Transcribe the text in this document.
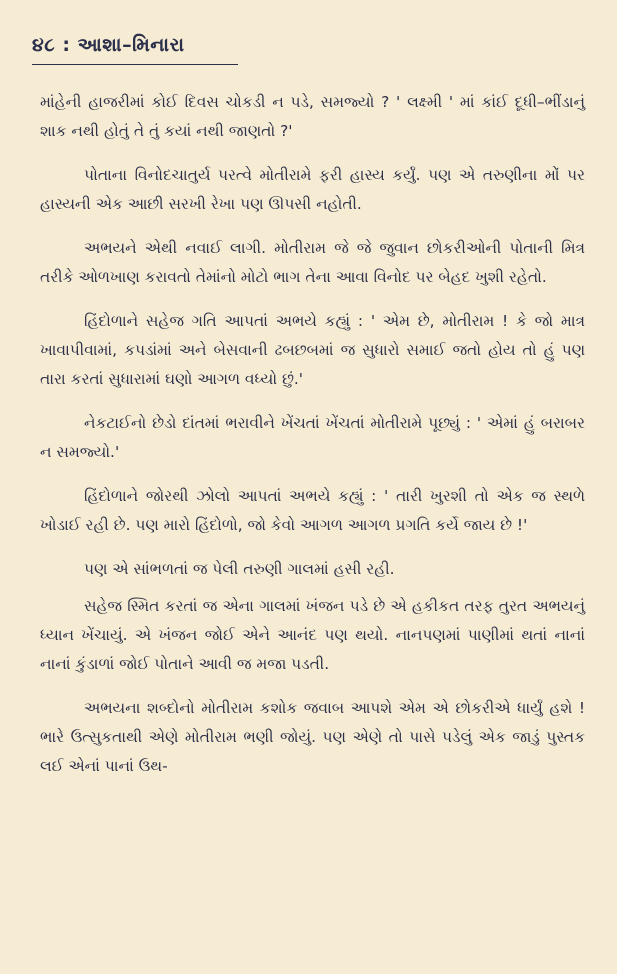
૪૮ : આશા–મિનારા

માંહેની હાજરીમાં કોઈ દિવસ ચોકડી ન પડે, સમજ્યો ? ' લક્ષ્મી ' માં કાંઈ દૂધી–ભીંડાનું શાક નથી હોતું તે તું કયાં નથી જાણતો ?'

પોતાના વિનોદચાતુર્ય પરત્વે મોતીરામે ફરી હાસ્ય કર્યું. પણ એ તરુણીના મોં પર હાસ્યની એક આછી સરખી રેખા પણ ઊપસી નહોતી.

અભયને એથી નવાઈ લાગી. મોતીરામ જે જે જુવાન છોકરીઓની પોતાની મિત્ર તરીકે ઓળખાણ કરાવતો તેમાંનો મોટો ભાગ તેના આવા વિનોદ પર બેહદ ખુશી રહેતો.

હિંદોળાને સહેજ ગતિ આપતાં અભયે કહ્યું : ' એમ છે, મોતીરામ ! કે જો માત્ર ખાવાપીવામાં, કપડાંમાં અને બેસવાની ઢબછબમાં જ સુધારો સમાઈ જતો હોય તો હું પણ તારા કરતાં સુધારામાં ઘણો આગળ વધ્યો છું.'

નેકટાઈનો છેડો દાંતમાં ભરાવીને ખેંચતાં ખેંચતાં મોતીરામે પૂછ્યું : ' એમાં હું બરાબર ન સમજ્યો.'

હિંદોળાને જોરથી ઝોલો આપતાં અભયે કહ્યું : ' તારી ખુરશી તો એક જ સ્થળે ખોડાઈ રહી છે. પણ મારો હિંદોળો, જો કેવો આગળ આગળ પ્રગતિ કર્યે જાય છે !'

પણ એ સાંભળતાં જ પેલી તરુણી ગાલમાં હસી રહી.

સહેજ સ્મિત કરતાં જ એના ગાલમાં ખંજન પડે છે એ હકીકત તરફ તુરત અભયનું ધ્યાન ખેંચાયું. એ ખંજન જોઈ એને આનંદ પણ થયો. નાનપણમાં પાણીમાં થતાં નાનાં નાનાં કુંડાળાં જોઈ પોતાને આવી જ મજા પડતી.

અભયના શબ્દોનો મોતીરામ કશોક જવાબ આપશે એમ એ છોકરીએ ધાર્યું હશે ! ભારે ઉત્સુકતાથી એણે મોતીરામ ભણી જોયું. પણ એણે તો પાસે પડેલું એક જાડું પુસ્તક લઈ એનાં પાનાં ઉથ-
